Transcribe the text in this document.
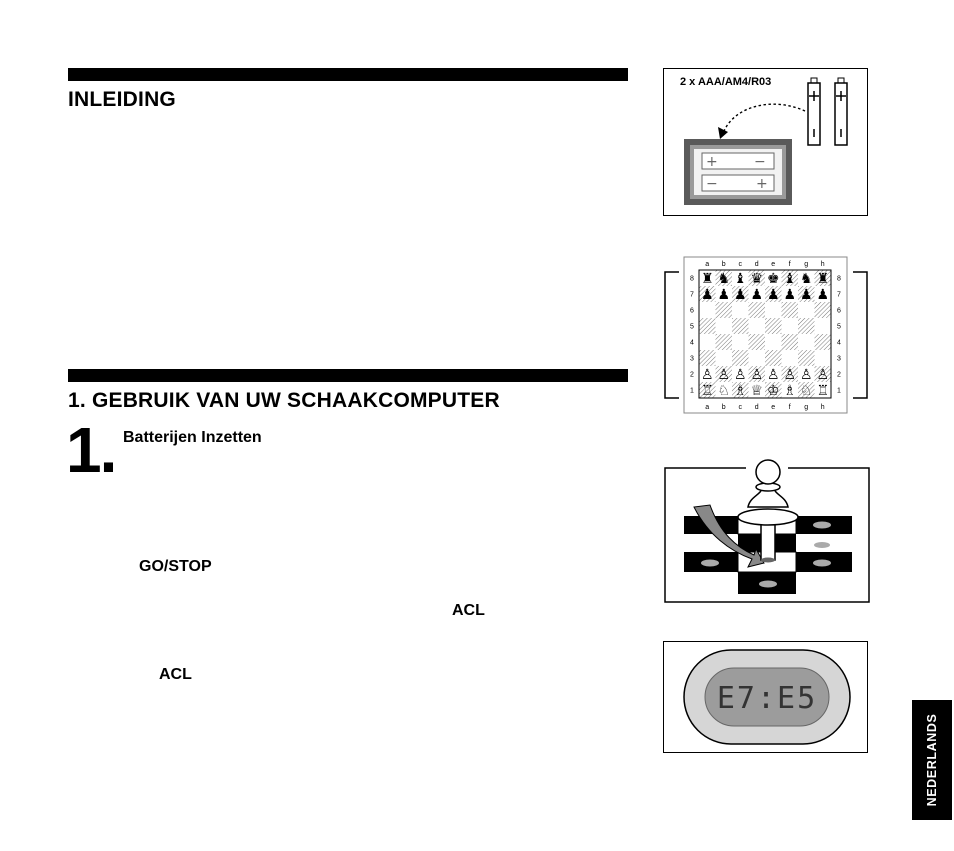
INLEIDING
1. GEBRUIK VAN UW SCHAAKCOMPUTER
1. Batterijen Inzetten
GO/STOP
ACL
ACL
2 x AAA/AM4/R03
+	−
−	+
a b c d e f g h
a b c d e f g h
8	8
7	7
6	6
5	5
4	4
3	3
2	2
1	1
♜
♟
♙
♖
♞
♟
♙
♘
♝
♟
♙
♗
♛
♟
♙
♕
♚
♟
♙
♔
♝
♟
♙
♗
♞
♟
♙
♘
♜
♟
♙
♖
E7:E5
NEDERLANDS
